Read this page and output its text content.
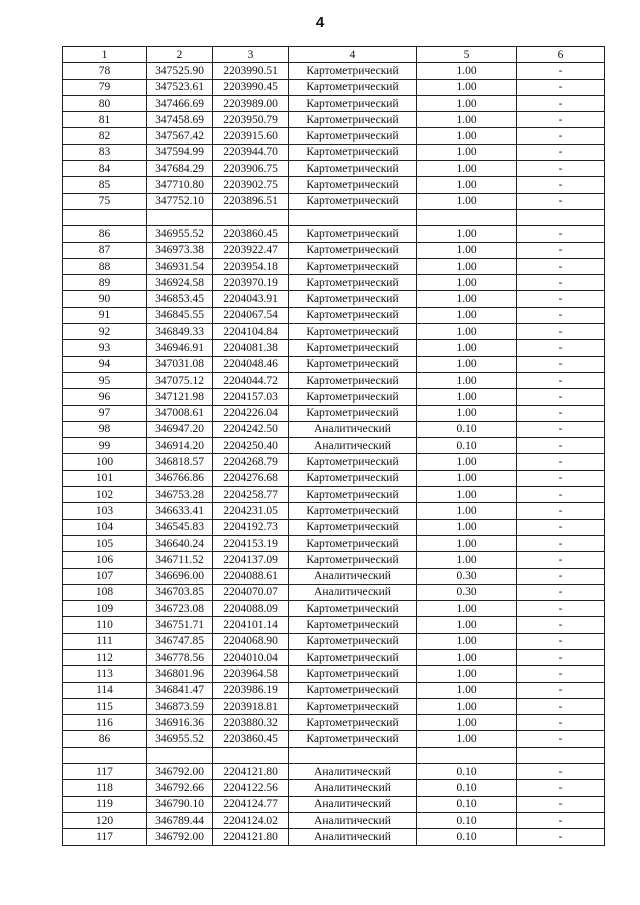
4
1	2	3	4	5	6
78	347525.90	2203990.51	Картометрический	1.00	-
79	347523.61	2203990.45	Картометрический	1.00	-
80	347466.69	2203989.00	Картометрический	1.00	-
81	347458.69	2203950.79	Картометрический	1.00	-
82	347567.42	2203915.60	Картометрический	1.00	-
83	347594.99	2203944.70	Картометрический	1.00	-
84	347684.29	2203906.75	Картометрический	1.00	-
85	347710.80	2203902.75	Картометрический	1.00	-
75	347752.10	2203896.51	Картометрический	1.00	-

86	346955.52	2203860.45	Картометрический	1.00	-
87	346973.38	2203922.47	Картометрический	1.00	-
88	346931.54	2203954.18	Картометрический	1.00	-
89	346924.58	2203970.19	Картометрический	1.00	-
90	346853.45	2204043.91	Картометрический	1.00	-
91	346845.55	2204067.54	Картометрический	1.00	-
92	346849.33	2204104.84	Картометрический	1.00	-
93	346946.91	2204081.38	Картометрический	1.00	-
94	347031.08	2204048.46	Картометрический	1.00	-
95	347075.12	2204044.72	Картометрический	1.00	-
96	347121.98	2204157.03	Картометрический	1.00	-
97	347008.61	2204226.04	Картометрический	1.00	-
98	346947.20	2204242.50	Аналитический	0.10	-
99	346914.20	2204250.40	Аналитический	0.10	-
100	346818.57	2204268.79	Картометрический	1.00	-
101	346766.86	2204276.68	Картометрический	1.00	-
102	346753.28	2204258.77	Картометрический	1.00	-
103	346633.41	2204231.05	Картометрический	1.00	-
104	346545.83	2204192.73	Картометрический	1.00	-
105	346640.24	2204153.19	Картометрический	1.00	-
106	346711.52	2204137.09	Картометрический	1.00	-
107	346696.00	2204088.61	Аналитический	0.30	-
108	346703.85	2204070.07	Аналитический	0.30	-
109	346723.08	2204088.09	Картометрический	1.00	-
110	346751.71	2204101.14	Картометрический	1.00	-
111	346747.85	2204068.90	Картометрический	1.00	-
112	346778.56	2204010.04	Картометрический	1.00	-
113	346801.96	2203964.58	Картометрический	1.00	-
114	346841.47	2203986.19	Картометрический	1.00	-
115	346873.59	2203918.81	Картометрический	1.00	-
116	346916.36	2203880.32	Картометрический	1.00	-
86	346955.52	2203860.45	Картометрический	1.00	-

117	346792.00	2204121.80	Аналитический	0.10	-
118	346792.66	2204122.56	Аналитический	0.10	-
119	346790.10	2204124.77	Аналитический	0.10	-
120	346789.44	2204124.02	Аналитический	0.10	-
117	346792.00	2204121.80	Аналитический	0.10	-
